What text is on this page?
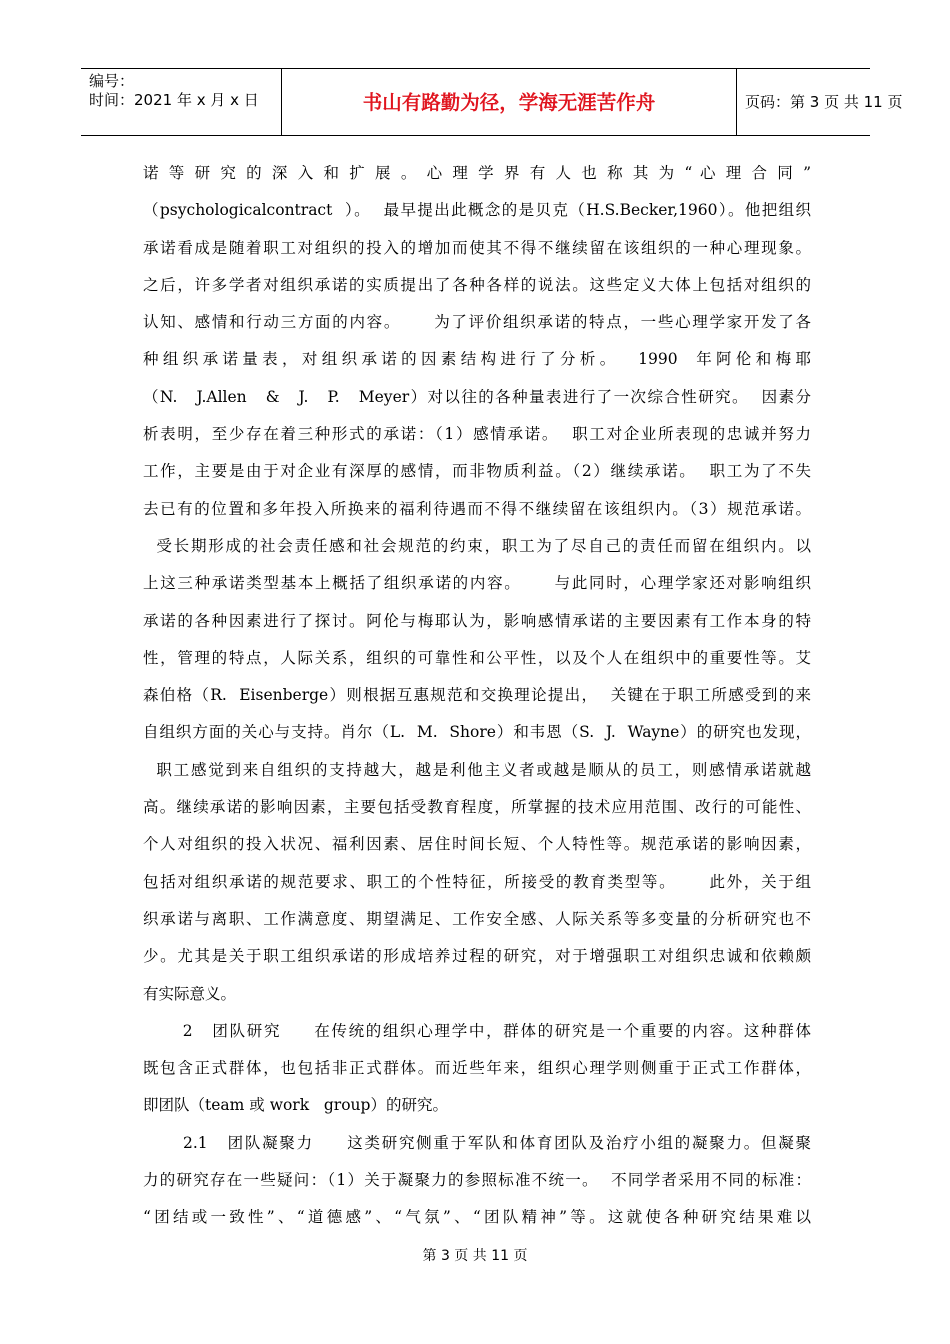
编号：
时间：2021 年 x 月 x 日	书山有路勤为径，学海无涯苦作舟	页码：第 3 页 共 11 页
诺 等 研 究 的 深 入 和 扩 展 。 心 理 学 界 有 人 也 称 其 为 “ 心 理 合 同 ”
（psychologicalcontract  ）。  最早提出此概念的是贝克（H.S.Becker,1960）。他把组织
承诺看成是随着职工对组织的投入的增加而使其不得不继续留在该组织的一种心理现象。
之后，许多学者对组织承诺的实质提出了各种各样的说法。这些定义大体上包括对组织的
认知、感情和行动三方面的内容。     为了评价组织承诺的特点，一些心理学家开发了各
种组织承诺量表，对组织承诺的因素结构进行了分析。  1990  年阿伦和梅耶
（N.   J.Allen   &   J.   P.   Meyer）对以往的各种量表进行了一次综合性研究。  因素分
析表明，至少存在着三种形式的承诺：（1）感情承诺。  职工对企业所表现的忠诚并努力
工作，主要是由于对企业有深厚的感情，而非物质利益。（2）继续承诺。  职工为了不失
去已有的位置和多年投入所换来的福利待遇而不得不继续留在该组织内。（3）规范承诺。
受长期形成的社会责任感和社会规范的约束，职工为了尽自己的责任而留在组织内。以
上这三种承诺类型基本上概括了组织承诺的内容。     与此同时，心理学家还对影响组织
承诺的各种因素进行了探讨。阿伦与梅耶认为，影响感情承诺的主要因素有工作本身的特
性，管理的特点，人际关系，组织的可靠性和公平性，以及个人在组织中的重要性等。艾
森伯格（R.  Eisenberge）则根据互惠规范和交换理论提出，  关键在于职工所感受到的来
自组织方面的关心与支持。肖尔（L.  M.  Shore）和韦恩（S.  J.  Wayne）的研究也发现，
职工感觉到来自组织的支持越大，越是利他主义者或越是顺从的员工，则感情承诺就越
高。继续承诺的影响因素，主要包括受教育程度，所掌握的技术应用范围、改行的可能性、
个人对组织的投入状况、福利因素、居住时间长短、个人特性等。规范承诺的影响因素，
包括对组织承诺的规范要求、职工的个性特征，所接受的教育类型等。     此外，关于组
织承诺与离职、工作满意度、期望满足、工作安全感、人际关系等多变量的分析研究也不
少。尤其是关于职工组织承诺的形成培养过程的研究，对于增强职工对组织忠诚和依赖颇
有实际意义。
2   团队研究     在传统的组织心理学中，群体的研究是一个重要的内容。这种群体
既包含正式群体，也包括非正式群体。而近些年来，组织心理学则侧重于正式工作群体，
即团队（team 或 work   group）的研究。
2.1   团队凝聚力     这类研究侧重于军队和体育团队及治疗小组的凝聚力。但凝聚
力的研究存在一些疑问：（1）关于凝聚力的参照标准不统一。  不同学者采用不同的标准：
“团结或一致性”、“道德感”、“气氛”、“团队精神”等。这就使各种研究结果难以
第 3 页 共 11 页
